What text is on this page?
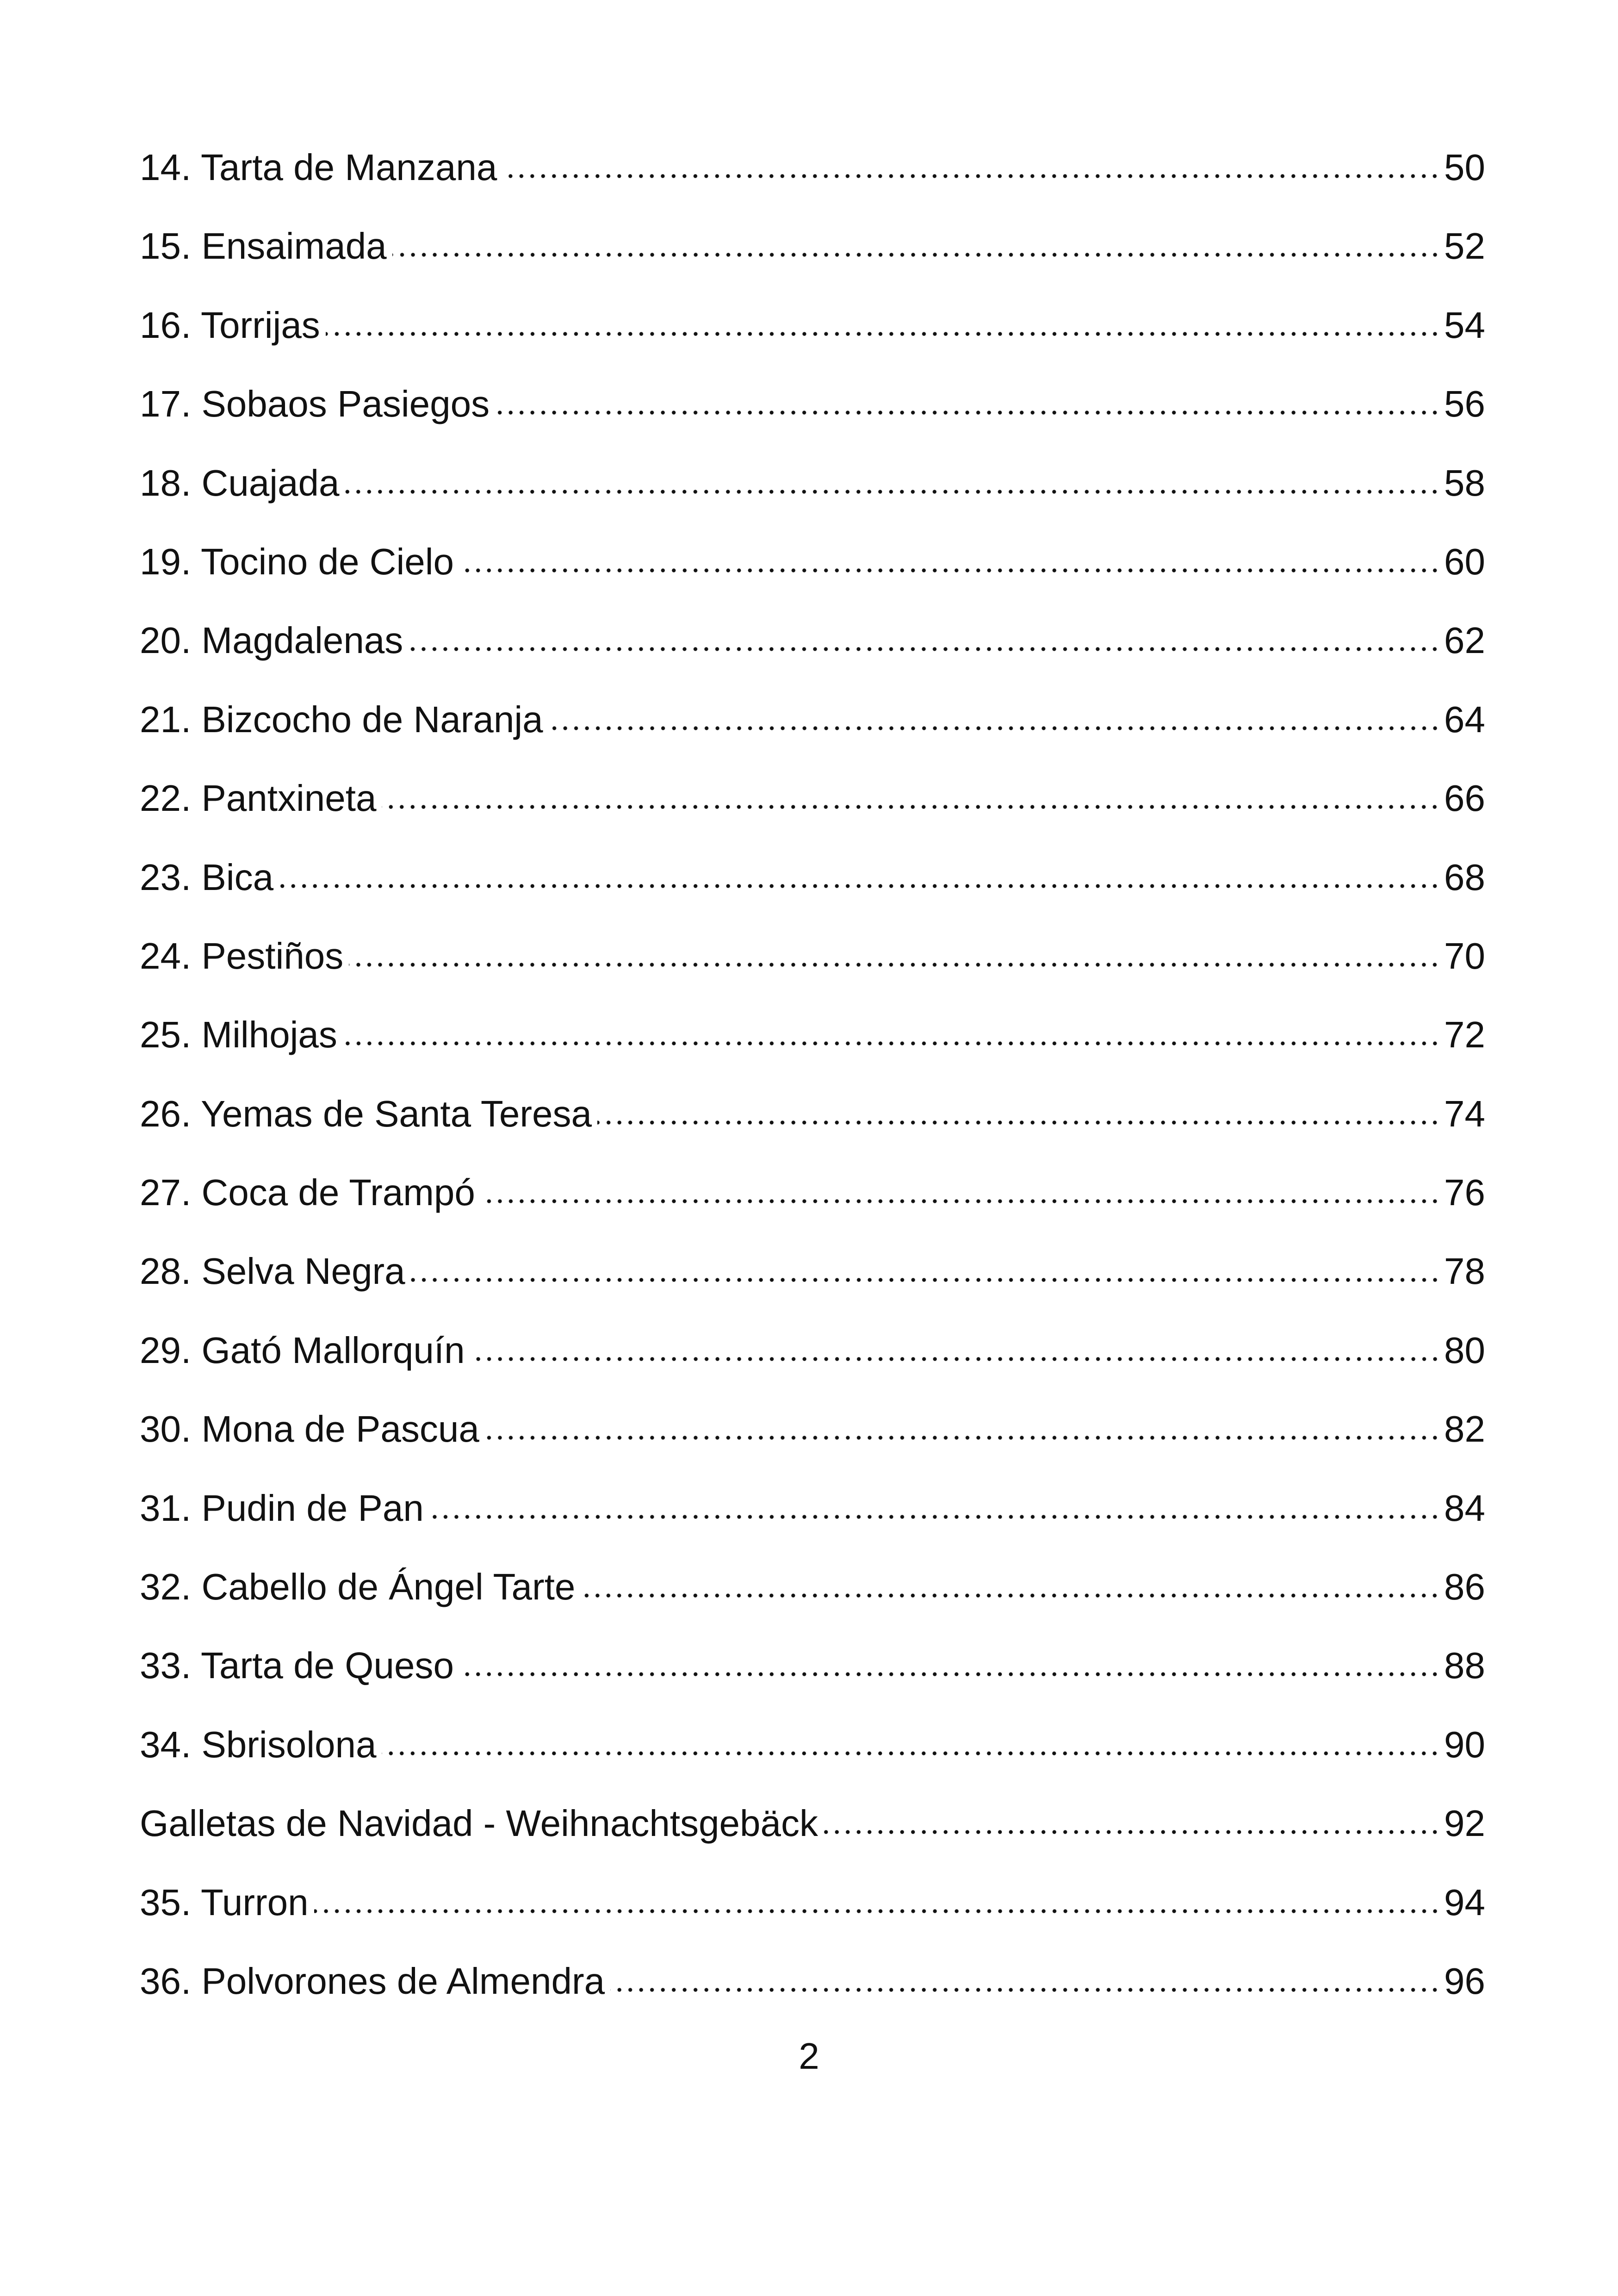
14. Tarta de Manzana	50
15. Ensaimada	52
16. Torrijas	54
17. Sobaos Pasiegos	56
18. Cuajada	58
19. Tocino de Cielo	60
20. Magdalenas	62
21. Bizcocho de Naranja	64
22. Pantxineta	66
23. Bica	68
24. Pestiños	70
25. Milhojas	72
26. Yemas de Santa Teresa	74
27. Coca de Trampó	76
28. Selva Negra	78
29. Gató Mallorquín	80
30. Mona de Pascua	82
31. Pudin de Pan	84
32. Cabello de Ángel Tarte	86
33. Tarta de Queso	88
34. Sbrisolona	90
Galletas de Navidad - Weihnachtsgebäck	92
35. Turron	94
36. Polvorones de Almendra	96
2
